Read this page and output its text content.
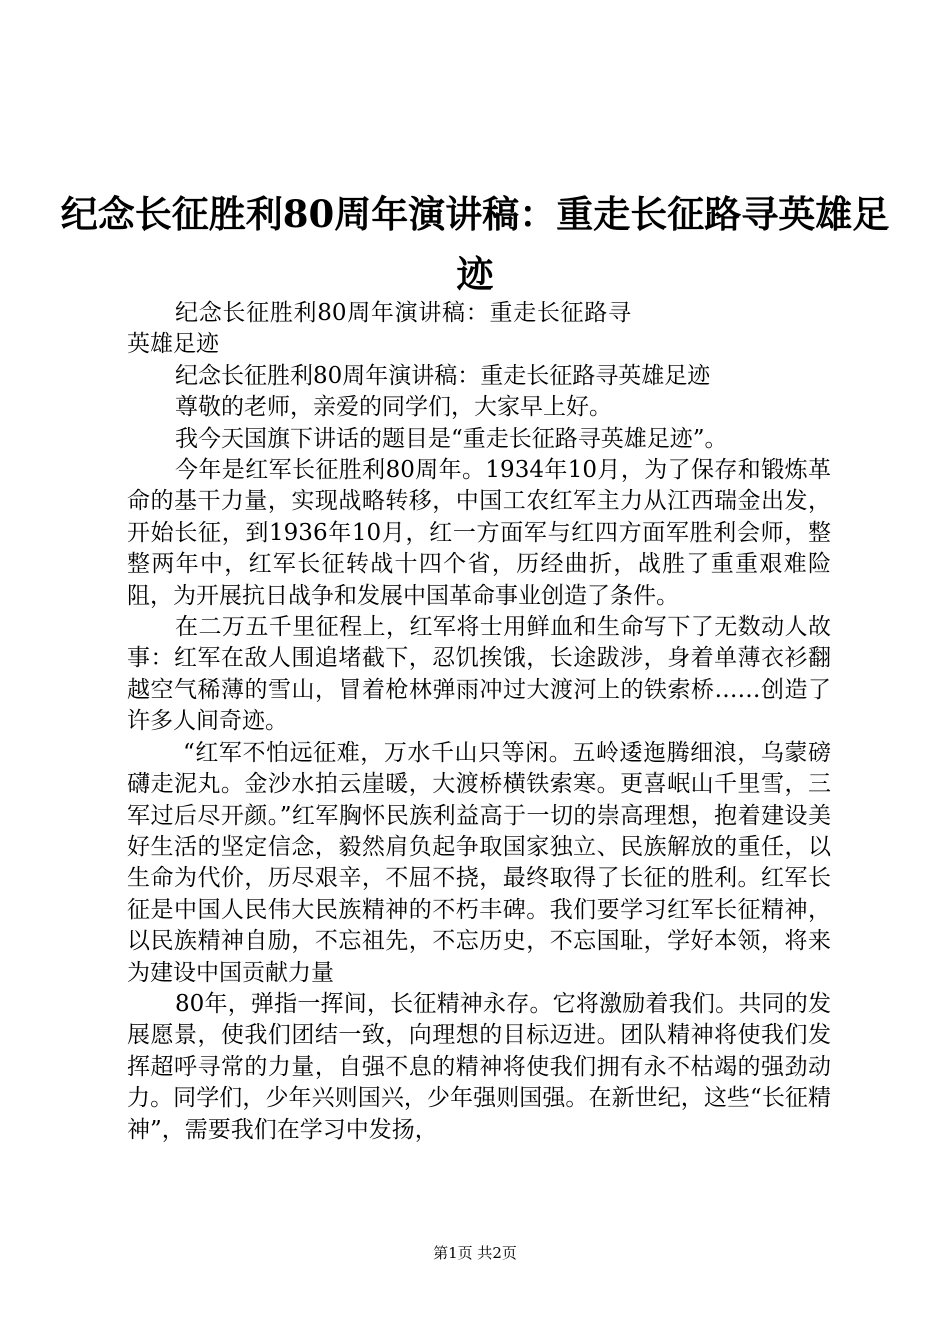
纪念长征胜利80周年演讲稿：重走长征路寻英雄足迹

纪念长征胜利80周年演讲稿：重走长征路寻英雄足迹

纪念长征胜利80周年演讲稿：重走长征路寻英雄足迹

尊敬的老师，亲爱的同学们，大家早上好。

我今天国旗下讲话的题目是“重走长征路寻英雄足迹”。

今年是红军长征胜利80周年。1934年10月，为了保存和锻炼革命的基干力量，实现战略转移，中国工农红军主力从江西瑞金出发，开始长征，到1936年10月，红一方面军与红四方面军胜利会师，整整两年中，红军长征转战十四个省，历经曲折，战胜了重重艰难险阻，为开展抗日战争和发展中国革命事业创造了条件。

在二万五千里征程上，红军将士用鲜血和生命写下了无数动人故事：红军在敌人围追堵截下，忍饥挨饿，长途跋涉，身着单薄衣衫翻越空气稀薄的雪山，冒着枪林弹雨冲过大渡河上的铁索桥……创造了许多人间奇迹。

“红军不怕远征难，万水千山只等闲。五岭逶迤腾细浪，乌蒙磅礴走泥丸。金沙水拍云崖暖，大渡桥横铁索寒。更喜岷山千里雪，三军过后尽开颜。”红军胸怀民族利益高于一切的崇高理想，抱着建设美好生活的坚定信念，毅然肩负起争取国家独立、民族解放的重任，以生命为代价，历尽艰辛，不屈不挠，最终取得了长征的胜利。红军长征是中国人民伟大民族精神的不朽丰碑。我们要学习红军长征精神，以民族精神自励，不忘祖先，不忘历史，不忘国耻，学好本领，将来为建设中国贡献力量

80年，弹指一挥间，长征精神永存。它将激励着我们。共同的发展愿景，使我们团结一致，向理想的目标迈进。团队精神将使我们发挥超呼寻常的力量，自强不息的精神将使我们拥有永不枯竭的强劲动力。同学们，少年兴则国兴，少年强则国强。在新世纪，这些“长征精神”，需要我们在学习中发扬，

第1页 共2页
